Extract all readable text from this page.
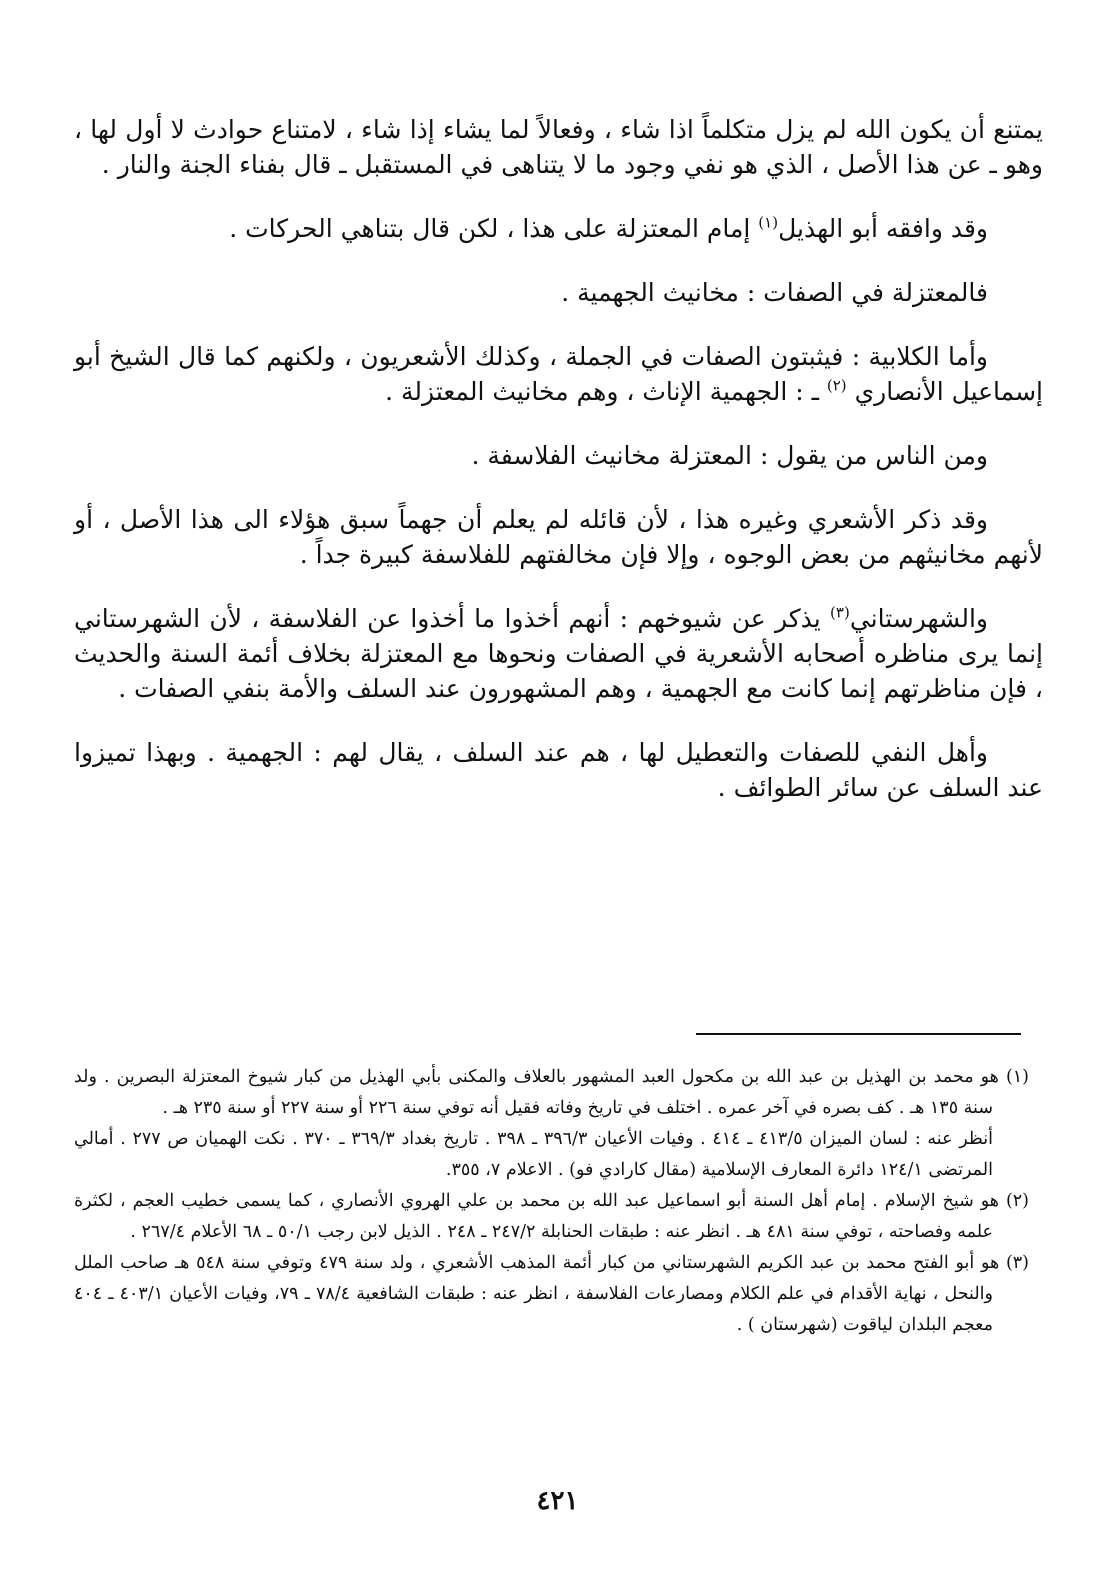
يمتنع أن يكون الله لم يزل متكلماً اذا شاء ، وفعالاً لما يشاء إذا شاء ، لامتناع حوادث لا أول لها ، وهو ـ عن هذا الأصل ، الذي هو نفي وجود ما لا يتناهى في المستقبل ـ قال بفناء الجنة والنار .

وقد وافقه أبو الهذيل$^{(١)}$ إمام المعتزلة على هذا ، لكن قال بتناهي الحركات .

فالمعتزلة في الصفات : مخانيث الجهمية .

وأما الكلابية : فيثبتون الصفات في الجملة ، وكذلك الأشعريون ، ولكنهم كما قال الشيخ أبو إسماعيل الأنصاري $^{(٢)}$ ـ : الجهمية الإناث ، وهم مخانيث المعتزلة .

ومن الناس من يقول : المعتزلة مخانيث الفلاسفة .

وقد ذكر الأشعري وغيره هذا ، لأن قائله لم يعلم أن جهماً سبق هؤلاء الى هذا الأصل ، أو لأنهم مخانيثهم من بعض الوجوه ، وإلا فإن مخالفتهم للفلاسفة كبيرة جداً .

والشهرستاني$^{(٣)}$ يذكر عن شيوخهم : أنهم أخذوا ما أخذوا عن الفلاسفة ، لأن الشهرستاني إنما يرى مناظره أصحابه الأشعرية في الصفات ونحوها مع المعتزلة بخلاف أئمة السنة والحديث ، فإن مناظرتهم إنما كانت مع الجهمية ، وهم المشهورون عند السلف والأمة بنفي الصفات .

وأهل النفي للصفات والتعطيل لها ، هم عند السلف ، يقال لهم : الجهمية . وبهذا تميزوا عند السلف عن سائر الطوائف .

(١) هو محمد بن الهذيل بن عبد الله بن مكحول العبد المشهور بالعلاف والمكنى بأبي الهذيل من كبار شيوخ المعتزلة البصرين . ولد سنة ١٣٥ هـ . كف بصره في آخر عمره . اختلف في تاريخ وفاته فقيل أنه توفي سنة ٢٢٦ أو سنة ٢٢٧ أو سنة ٢٣٥ هـ .
أنظر عنه : لسان الميزان ٤١٣/٥ ـ ٤١٤ . وفيات الأعيان ٣٩٦/٣ ـ ٣٩٨ . تاريخ بغداد ٣٦٩/٣ ـ ٣٧٠ . نكت الهميان ص ٢٧٧ . أمالي المرتضى ١٢٤/١ دائرة المعارف الإسلامية (مقال كارادي فو) . الاعلام ٧، ٣٥٥.
(٢) هو شيخ الإسلام . إمام أهل السنة أبو اسماعيل عبد الله بن محمد بن علي الهروي الأنصاري ، كما يسمى خطيب العجم ، لكثرة علمه وفصاحته ، توفي سنة ٤٨١ هـ . انظر عنه : طبقات الحنابلة ٢٤٧/٢ ـ ٢٤٨ . الذيل لابن رجب ٥٠/١ ـ ٦٨ الأعلام ٢٦٧/٤ .
(٣) هو أبو الفتح محمد بن عبد الكريم الشهرستاني من كبار أئمة المذهب الأشعري ، ولد سنة ٤٧٩ وتوفي سنة ٥٤٨ هـ صاحب الملل والنحل ، نهاية الأقدام في علم الكلام ومصارعات الفلاسفة ، انظر عنه : طبقات الشافعية ٧٨/٤ ـ ٧٩، وفيات الأعيان ٤٠٣/١ ـ ٤٠٤ معجم البلدان لياقوت (شهرستان ) .
٤٢١
